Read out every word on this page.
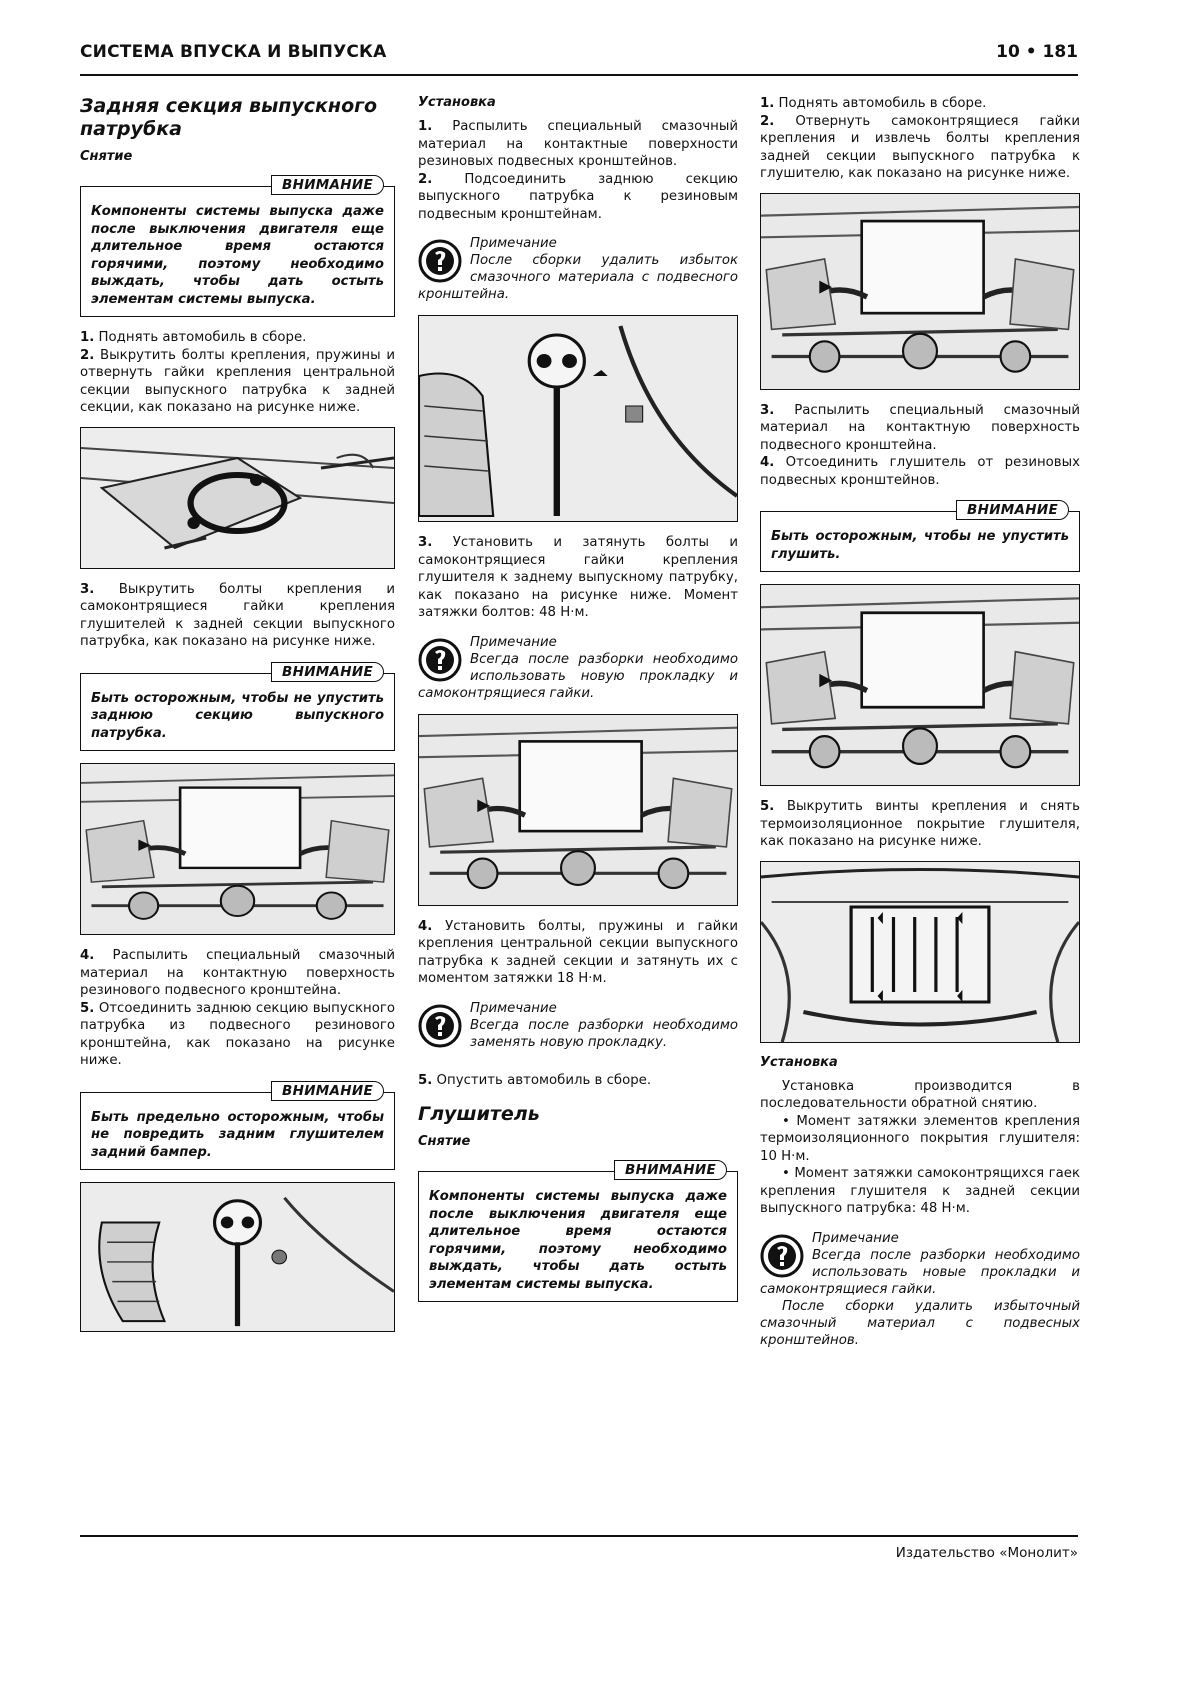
СИСТЕМА ВПУСКА И ВЫПУСКА	10 • 181
Задняя секция выпускного патрубка
Снятие
ВНИМАНИЕ
Компоненты системы выпуска даже после выключения двигателя еще длительное время остаются горячими, поэтому необходимо выждать, чтобы дать остыть элементам системы выпуска.

1. Поднять автомобиль в сборе.

2. Выкрутить болты крепления, пружины и отвернуть гайки крепления центральной секции выпускного патрубка к задней секции, как показано на рисунке ниже.

3. Выкрутить болты крепления и самоконтрящиеся гайки крепления глушителей к задней секции выпускного патрубка, как показано на рисунке ниже.

ВНИМАНИЕ
Быть осторожным, чтобы не упустить заднюю секцию выпускного патрубка.

4. Распылить специальный смазочный материал на контактную поверхность резинового подвесного кронштейна.

5. Отсоединить заднюю секцию выпускного патрубка из подвесного резинового кронштейна, как показано на рисунке ниже.

ВНИМАНИЕ
Быть предельно осторожным, чтобы не повредить задним глушителем задний бампер.
Установка

1. Распылить специальный смазочный материал на контактные поверхности резиновых подвесных кронштейнов.

2. Подсоединить заднюю секцию выпускного патрубка к резиновым подвесным кронштейнам.

Примечание
После сборки удалить избыток смазочного материала с подвесного кронштейна.

3. Установить и затянуть болты и самоконтрящиеся гайки крепления глушителя к заднему выпускному патрубку, как показано на рисунке ниже. Момент затяжки болтов: 48 Н·м.

Примечание
Всегда после разборки необходимо использовать новую прокладку и самоконтрящиеся гайки.

4. Установить болты, пружины и гайки крепления центральной секции выпускного патрубка к задней секции и затянуть их с моментом затяжки 18 Н·м.

Примечание
Всегда после разборки необходимо заменять новую прокладку.

5. Опустить автомобиль в сборе.

Глушитель
Снятие
ВНИМАНИЕ
Компоненты системы выпуска даже после выключения двигателя еще длительное время остаются горячими, поэтому необходимо выждать, чтобы дать остыть элементам системы выпуска.

1. Поднять автомобиль в сборе.

2. Отвернуть самоконтрящиеся гайки крепления и извлечь болты крепления задней секции выпускного патрубка к глушителю, как показано на рисунке ниже.

3. Распылить специальный смазочный материал на контактную поверхность подвесного кронштейна.

4. Отсоединить глушитель от резиновых подвесных кронштейнов.

ВНИМАНИЕ
Быть осторожным, чтобы не упустить глушить.

5. Выкрутить винты крепления и снять термоизоляционное покрытие глушителя, как показано на рисунке ниже.

Установка

Установка производится в последовательности обратной снятию.

• Момент затяжки элементов крепления термоизоляционного покрытия глушителя: 10 Н·м.

• Момент затяжки самоконтрящихся гаек крепления глушителя к задней секции выпускного патрубка: 48 Н·м.

Примечание
Всегда после разборки необходимо использовать новые прокладки и самоконтрящиеся гайки.
После сборки удалить избыточный смазочный материал с подвесных кронштейнов.
Издательство «Монолит»
